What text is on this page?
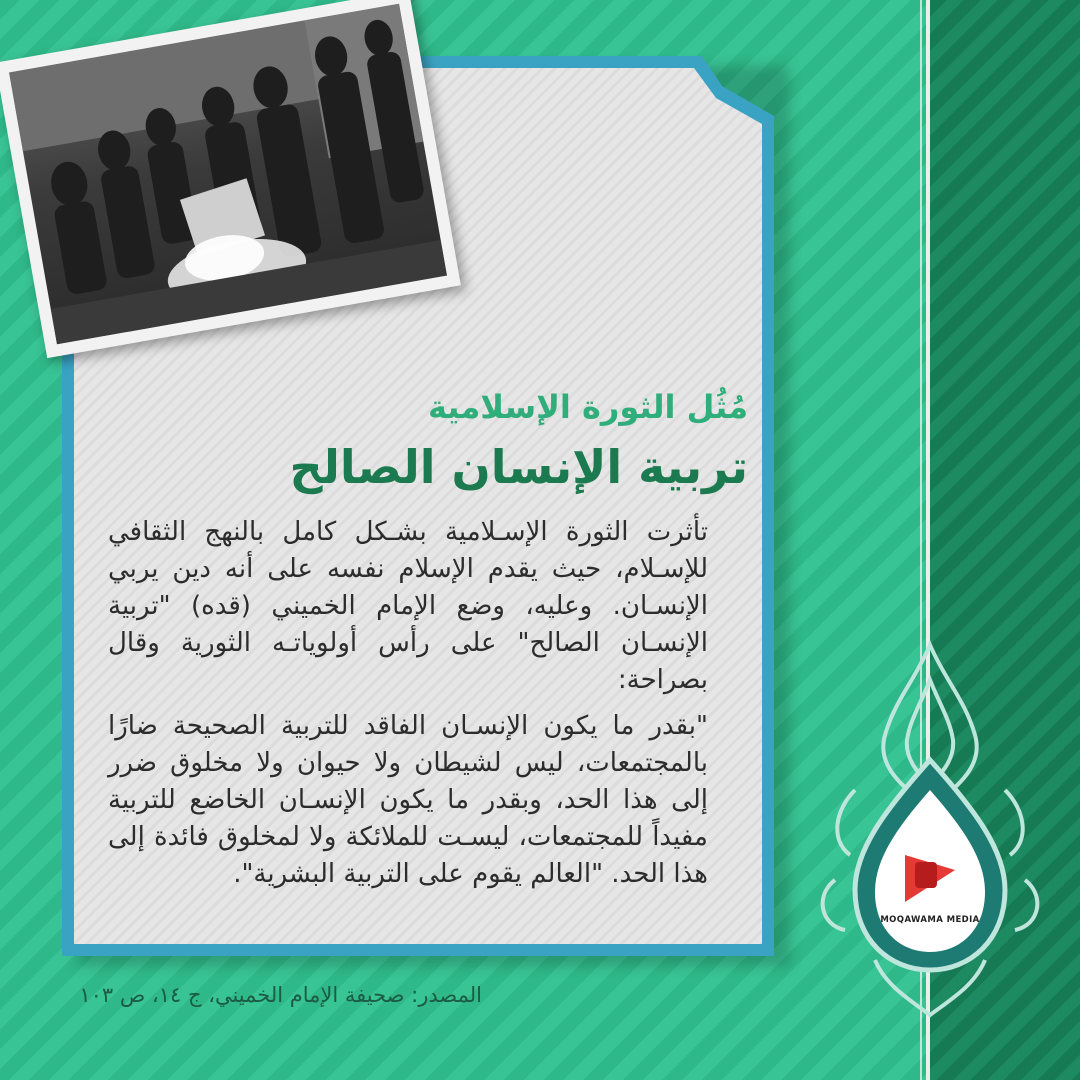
مُثُل الثورة الإسلامية
تربية الإنسان الصالح
تأثرت الثورة الإسـلامية بشـكل كامل بالنهج الثقافي للإسـلام، حيث يقدم الإسلام نفسه على أنه دين يربي الإنسـان. وعليه، وضع الإمام الخميني (قده) "تربية الإنسـان الصالح" على رأس أولوياتـه الثورية وقال بصراحة:
"بقدر ما يكون الإنسـان الفاقد للتربية الصحيحة ضارًا بالمجتمعات، ليس لشيطان ولا حيوان ولا مخلوق ضرر إلى هذا الحد، وبقدر ما يكون الإنسـان الخاضع للتربية مفيداً للمجتمعات، ليسـت للملائكة ولا لمخلوق فائدة إلى هذا الحد. "العالم يقوم على التربية البشرية".
المصدر: صحيفة الإمام الخميني، ج ١٤، ص ١٠٣
MOQAWAMA MEDIA
